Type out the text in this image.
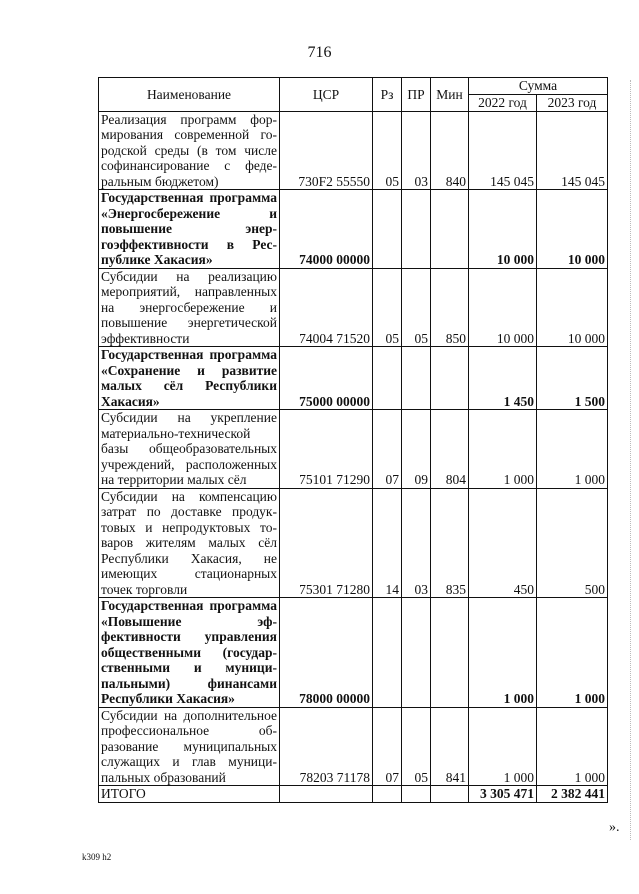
716
Наименование	ЦСР	Рз	ПР	Мин	Сумма	
					2022 год	2023 год
Реализация программ формирования современной городской среды (в том числе софинансирование с федеральным бюджетом)	730F2 55550	05	03	840	145 045	145 045
Государственная программа «Энергосбережение и повышение энергоэффективности в Республике Хакасия»	74000 00000				10 000	10 000
Субсидии на реализацию мероприятий, направленных на энергосбережение и повышение энергетической эффективности	74004 71520	05	05	850	10 000	10 000
Государственная программа «Сохранение и развитие малых сёл Республики Хакасия»	75000 00000				1 450	1 500
Субсидии на укрепление материально-технической базы общеобразовательных учреждений, расположенных на территории малых сёл	75101 71290	07	09	804	1 000	1 000
Субсидии на компенсацию затрат по доставке продуктовых и непродуктовых товаров жителям малых сёл Республики Хакасия, не имеющих стационарных точек торговли	75301 71280	14	03	835	450	500
Государственная программа «Повышение эффективности управления общественными (государственными и муниципальными) финансами Республики Хакасия»	78000 00000				1 000	1 000
Субсидии на дополнительное профессиональное образование муниципальных служащих и глав муниципальных образований	78203 71178	07	05	841	1 000	1 000
ИТОГО					3 305 471	2 382 441
».
k309 h2
